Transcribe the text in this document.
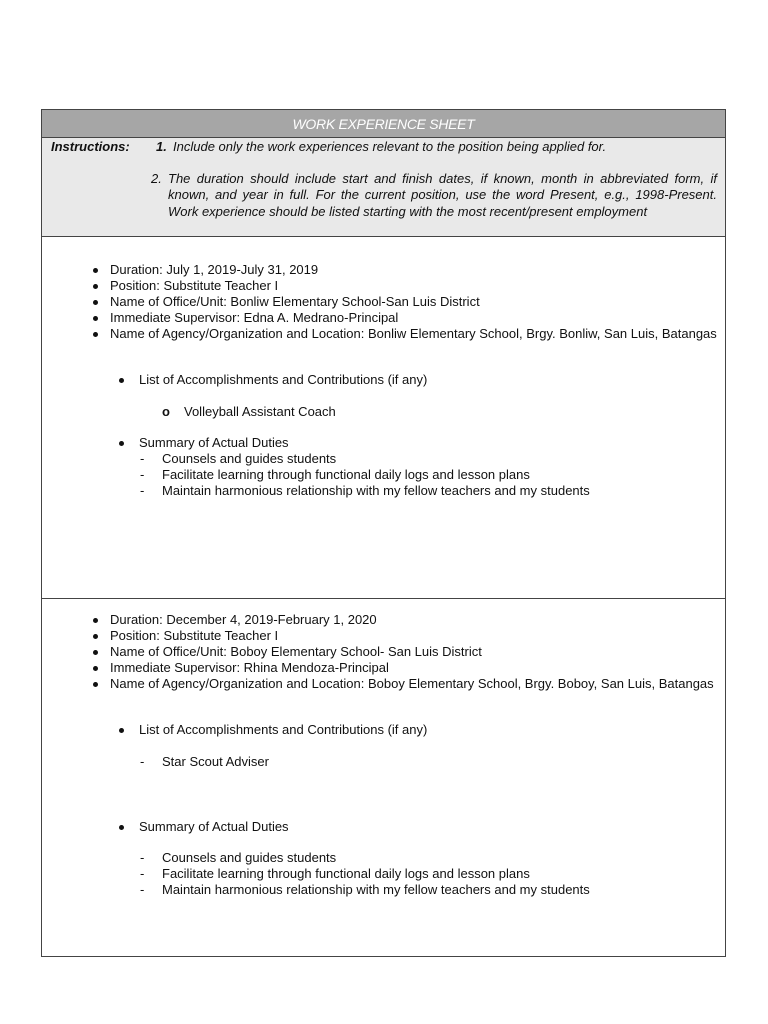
WORK EXPERIENCE SHEET
Instructions: 1. Include only the work experiences relevant to the position being applied for.
2. The duration should include start and finish dates, if known, month in abbreviated form, if known, and year in full. For the current position, use the word Present, e.g., 1998-Present. Work experience should be listed starting with the most recent/present employment
Duration: July 1, 2019-July 31, 2019
Position: Substitute Teacher I
Name of Office/Unit: Bonliw Elementary School-San Luis District
Immediate Supervisor: Edna A. Medrano-Principal
Name of Agency/Organization and Location: Bonliw Elementary School, Brgy. Bonliw, San Luis, Batangas
List of Accomplishments and Contributions (if any)
o Volleyball Assistant Coach
Summary of Actual Duties
- Counsels and guides students
- Facilitate learning through functional daily logs and lesson plans
- Maintain harmonious relationship with my fellow teachers and my students
Duration: December 4, 2019-February 1, 2020
Position: Substitute Teacher I
Name of Office/Unit: Boboy Elementary School- San Luis District
Immediate Supervisor: Rhina Mendoza-Principal
Name of Agency/Organization and Location: Boboy Elementary School, Brgy. Boboy, San Luis, Batangas
List of Accomplishments and Contributions (if any)
- Star Scout Adviser
Summary of Actual Duties
- Counsels and guides students
- Facilitate learning through functional daily logs and lesson plans
- Maintain harmonious relationship with my fellow teachers and my students
